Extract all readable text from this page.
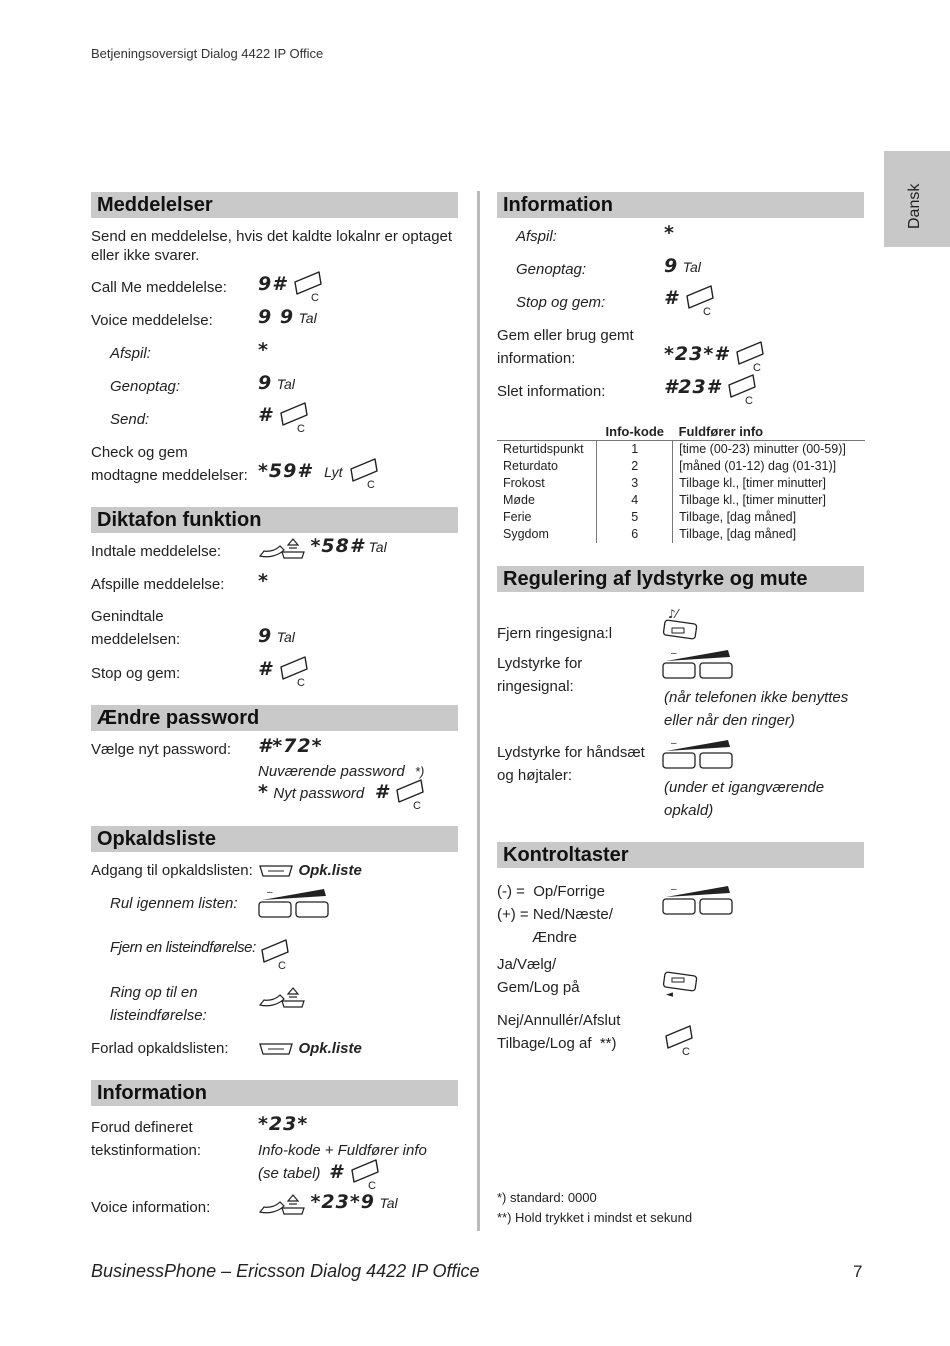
Betjeningsoversigt Dialog 4422 IP Office
Dansk
Meddelelser
Send en meddelelse, hvis det kaldte lokalnr er optaget
eller ikke svarer.
Call Me meddelelse: 9#
Voice meddelelse: 9 9 Tal
Afspil:	*
Genoptag:	9 Tal
Send:	#
Check og gem
modtagne meddelelser: *59# Lyt
Diktafon funktion
Indtale meddelelse:	*58# Tal
Afspille meddelelse: *
Genindtale
meddelelsen:	9 Tal
Stop og gem:	#
Ændre password
Vælge nyt password: #*72*
Nuværende password *)
* Nyt password #
Opkaldsliste
Adgang til opkaldslisten:	Opk.liste
Rul igennem listen:
Fjern en listeindførelse:
Ring op til en
listeindførelse:
Forlad opkaldslisten:	Opk.liste
Information
Forud defineret
tekstinformation:
*23*
Info-kode + Fuldfører info
(se tabel) #
Voice information:	*23*9 Tal
Information
Afspil:	*
Genoptag:	9 Tal
Stop og gem:	#
Gem eller brug gemt
information:	*23*#
Slet information:	#23#
	Info-kode	Fuldfører info
Returtidspunkt	1	[time (00-23) minutter (00-59)]
Returdato	2	[måned (01-12) dag (01-31)]
Frokost	3	Tilbage kl., [timer minutter]
Møde	4	Tilbage kl., [timer minutter]
Ferie	5	Tilbage, [dag måned]
Sygdom	6	Tilbage, [dag måned]
Regulering af lydstyrke og mute
Fjern ringesigna:l
Lydstyrke for
ringesignal:
(når telefonen ikke benyttes
eller når den ringer)
Lydstyrke for håndsæt
og højtaler:
(under et igangværende
opkald)
Kontroltaster
(-) =  Op/Forrige
(+) = Ned/Næste/
Ændre
Ja/Vælg/
Gem/Log på
Nej/Annullér/Afslut
Tilbage/Log af  **)
*) standard: 0000
**) Hold trykket i mindst et sekund
BusinessPhone – Ericsson Dialog 4422 IP Office	7
